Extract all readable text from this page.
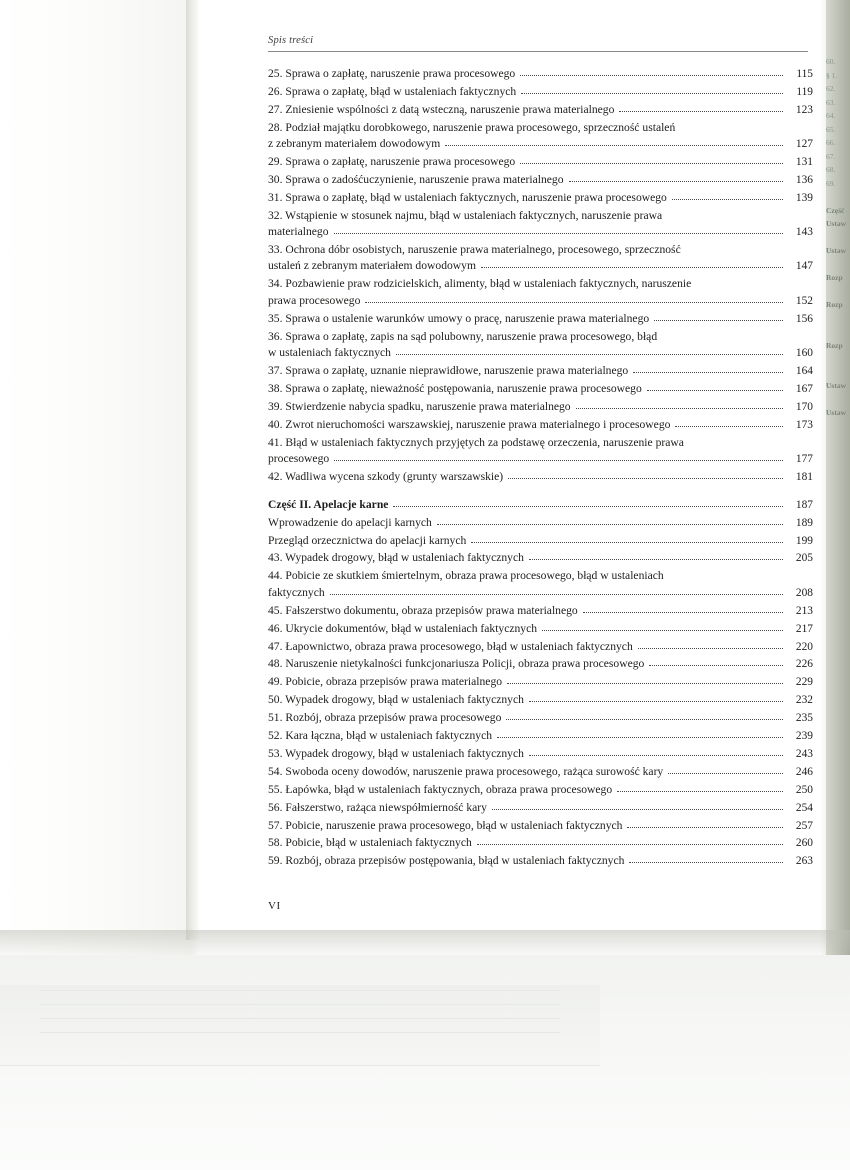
60.
§ 1.
62.
63.
64.
65.
66.
67.
68.
69.

Część
Ustaw

Ustaw

Rozp

Rozp

Rozp

Ustaw

Ustaw
Spis treści
25. Sprawa o zapłatę, naruszenie prawa procesowego	115
26. Sprawa o zapłatę, błąd w ustaleniach faktycznych	119
27. Zniesienie wspólności z datą wsteczną, naruszenie prawa materialnego	123
28. Podział majątku dorobkowego, naruszenie prawa procesowego, sprzeczność ustaleń
z zebranym materiałem dowodowym	127
29. Sprawa o zapłatę, naruszenie prawa procesowego	131
30. Sprawa o zadośćuczynienie, naruszenie prawa materialnego	136
31. Sprawa o zapłatę, błąd w ustaleniach faktycznych, naruszenie prawa procesowego	139
32. Wstąpienie w stosunek najmu, błąd w ustaleniach faktycznych, naruszenie prawa
materialnego	143
33. Ochrona dóbr osobistych, naruszenie prawa materialnego, procesowego, sprzeczność
ustaleń z zebranym materiałem dowodowym	147
34. Pozbawienie praw rodzicielskich, alimenty, błąd w ustaleniach faktycznych, naruszenie
prawa procesowego	152
35. Sprawa o ustalenie warunków umowy o pracę, naruszenie prawa materialnego	156
36. Sprawa o zapłatę, zapis na sąd polubowny, naruszenie prawa procesowego, błąd
w ustaleniach faktycznych	160
37. Sprawa o zapłatę, uznanie nieprawidłowe, naruszenie prawa materialnego	164
38. Sprawa o zapłatę, nieważność postępowania, naruszenie prawa procesowego	167
39. Stwierdzenie nabycia spadku, naruszenie prawa materialnego	170
40. Zwrot nieruchomości warszawskiej, naruszenie prawa materialnego i procesowego	173
41. Błąd w ustaleniach faktycznych przyjętych za podstawę orzeczenia, naruszenie prawa
procesowego	177
42. Wadliwa wycena szkody (grunty warszawskie)	181
Część II. Apelacje karne	187
Wprowadzenie do apelacji karnych	189
Przegląd orzecznictwa do apelacji karnych	199
43. Wypadek drogowy, błąd w ustaleniach faktycznych	205
44. Pobicie ze skutkiem śmiertelnym, obraza prawa procesowego, błąd w ustaleniach
faktycznych	208
45. Fałszerstwo dokumentu, obraza przepisów prawa materialnego	213
46. Ukrycie dokumentów, błąd w ustaleniach faktycznych	217
47. Łapownictwo, obraza prawa procesowego, błąd w ustaleniach faktycznych	220
48. Naruszenie nietykalności funkcjonariusza Policji, obraza prawa procesowego	226
49. Pobicie, obraza przepisów prawa materialnego	229
50. Wypadek drogowy, błąd w ustaleniach faktycznych	232
51. Rozbój, obraza przepisów prawa procesowego	235
52. Kara łączna, błąd w ustaleniach faktycznych	239
53. Wypadek drogowy, błąd w ustaleniach faktycznych	243
54. Swoboda oceny dowodów, naruszenie prawa procesowego, rażąca surowość kary	246
55. Łapówka, błąd w ustaleniach faktycznych, obraza prawa procesowego	250
56. Fałszerstwo, rażąca niewspółmierność kary	254
57. Pobicie, naruszenie prawa procesowego, błąd w ustaleniach faktycznych	257
58. Pobicie, błąd w ustaleniach faktycznych	260
59. Rozbój, obraza przepisów postępowania, błąd w ustaleniach faktycznych	263
VI
